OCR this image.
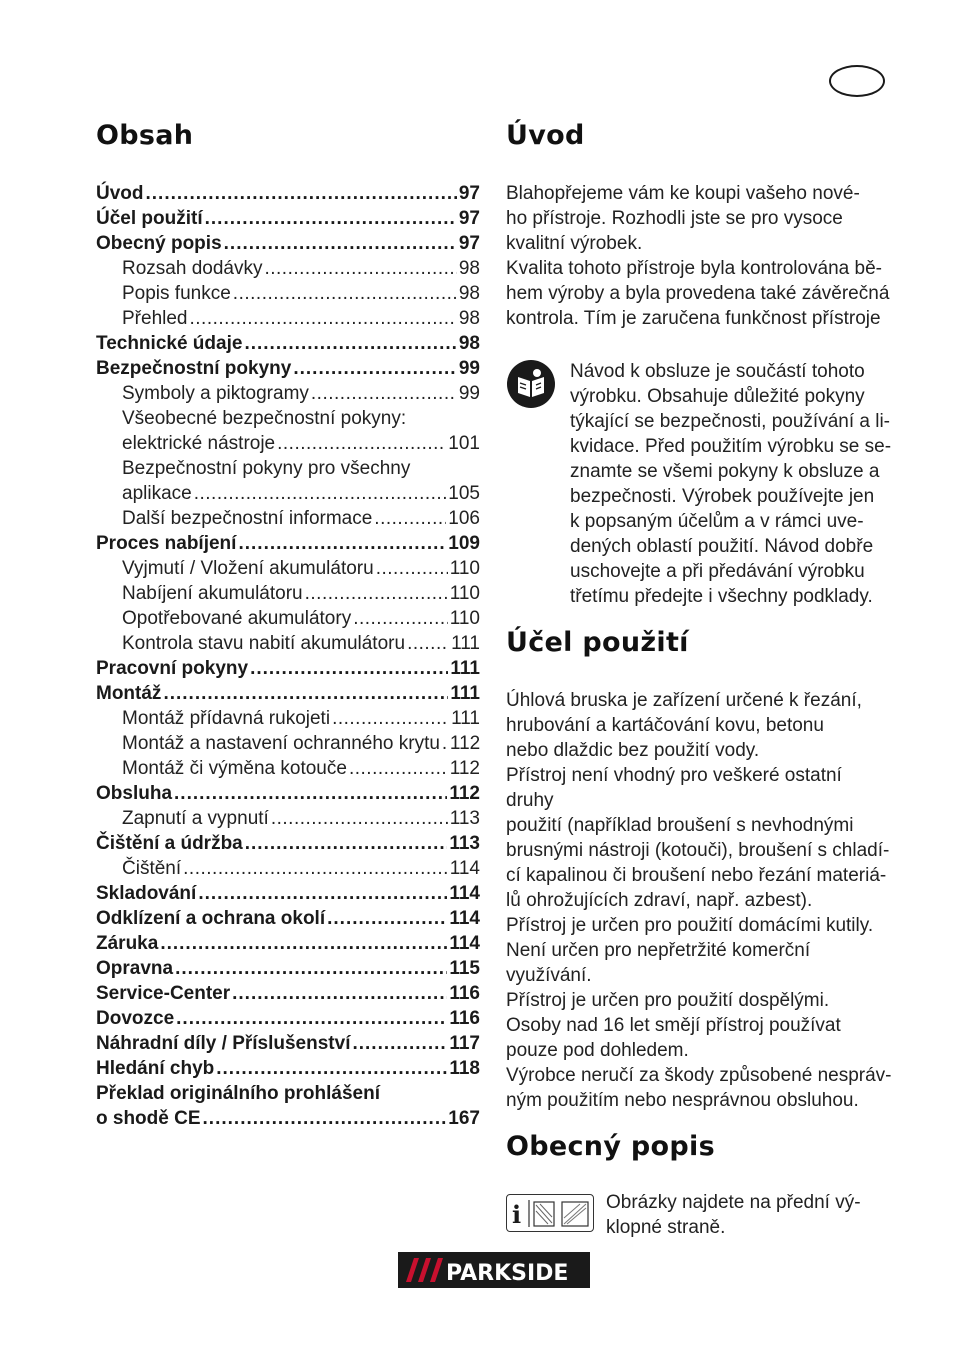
Obsah
Úvod .....	97
Účel použití .....	97
Obecný popis .....	97
Rozsah dodávky .....	98
Popis funkce .....	98
Přehled .....	98
Technické údaje .....	98
Bezpečnostní pokyny .....	99
Symboly a piktogramy .....	99
Všeobecné bezpečnostní pokyny:
elektrické nástroje .....	101
Bezpečnostní pokyny pro všechny
aplikace .....	105
Další bezpečnostní informace .....	106
Proces nabíjení .....	109
Vyjmutí / Vložení akumulátoru .....	110
Nabíjení akumulátoru .....	110
Opotřebované akumulátory .....	110
Kontrola stavu nabití akumulátoru ..... 111
Pracovní pokyny .....	111
Montáž .....	111
Montáž přídavná rukojeti .....	111
Montáž a nastavení ochranného krytu ..... 112
Montáž či výměna kotouče .....	112
Obsluha .....	112
Zapnutí a vypnutí .....	113
Čištění a údržba .....	113
Čištění .....	114
Skladování .....	114
Odklízení a ochrana okolí .....	114
Záruka .....	114
Opravna .....	115
Service-Center .....	116
Dovozce .....	116
Náhradní díly / Příslušenství .....	117
Hledání chyb .....	118
Překlad originálního prohlášení
o shodě CE .....	167
Úvod
Blahopřejeme vám ke koupi vašeho nové-
ho přístroje. Rozhodli jste se pro vysoce
kvalitní výrobek.
Kvalita tohoto přístroje byla kontrolována bě-
hem výroby a byla provedena také závěrečná
kontrola. Tím je zaručena funkčnost přístroje
Návod k obsluze je součástí tohoto
výrobku. Obsahuje důležité pokyny
týkající se bezpečnosti, používání a li-
kvidace. Před použitím výrobku se se-
znamte se všemi pokyny k obsluze a
bezpečnosti. Výrobek používejte jen
k popsaným účelům a v rámci uve-
dených oblastí použití. Návod dobře
uschovejte a při předávání výrobku
třetímu předejte i všechny podklady.
Účel použití
Úhlová bruska je zařízení určené k řezání,
hrubování a kartáčování kovu, betonu
nebo dlaždic bez použití vody.
Přístroj není vhodný pro veškeré ostatní druhy
použití (například broušení s nevhodnými
brusnými nástroji (kotouči), broušení s chladí-
cí kapalinou či broušení nebo řezání materiá-
lů ohrožujících zdraví, např. azbest).
Přístroj je určen pro použití domácími kutily.
Není určen pro nepřetržité komerční využívání.
Přístroj je určen pro použití dospělými.
Osoby nad 16 let smějí přístroj používat
pouze pod dohledem.
Výrobce neručí za škody způsobené nespráv-
ným použitím nebo nesprávnou obsluhou.
Obecný popis
i	Obrázky najdete na přední vý-
klopné straně.
PARKSIDE
